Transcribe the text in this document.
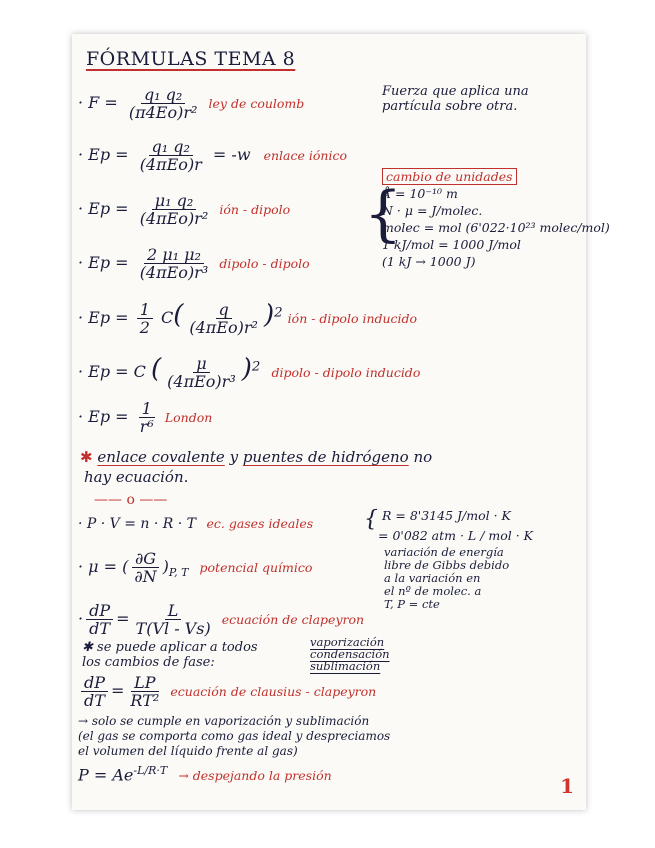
FÓRMULAS TEMA 8
· $F = \frac{\text{q₁ q₂}}{\text{(π4Eo)r²}}$ ley de coulomb
Fuerza que aplica una
partícula sobre otra.
· $Ep = \frac{\text{q₁ q₂}}{\text{(4πEo)r}} = -w$ enlace iónico
· $Ep = \frac{\text{μ₁ q₂}}{\text{(4πEo)r²}}$ ión - dipolo
· $Ep = \frac{\text{2 μ₁ μ₂}}{\text{(4πEo)r³}}$ dipolo - dipolo
{
cambio de unidades
Å = 10⁻¹⁰ m
N · μ = J/molec.
molec = mol (6'022·10²³ molec/mol)
1 kJ/mol = 1000 J/mol
(1 kJ → 1000 J)
· $Ep = \frac{1}{2} C( \frac{q}{\text{(4πEo)r²}} )^2$ ión - dipolo inducido
· Ep = C ( $\frac{\mu}{\text{(4πEo)r³}} )^2$ dipolo - dipolo inducido
· $Ep = \frac{1}{\text{r⁶}}$ London
✱ enlace covalente y puentes de hidrógeno no
hay ecuación.
—— o ——
· P · V = n · R · T ec. gases ideales { R = 8'3145 J/mol · K
= 0'082 atm · L / mol · K
· μ = ( $\frac{\partial G}{\partial N} )_{P, T}$ potencial químico
variación de energía
libre de Gibbs debido
a la variación en
el nº de molec. a
T, P = cte
· $\frac{dP}{dT} = \frac{L}{T(Vl - Vs)}$ ecuación de clapeyron
✱ se puede aplicar a todos
los cambios de fase:
vaporización
condensación
sublimación
$\frac{dP}{dT} = \frac{LP}{\text{RT²}}$ ecuación de clausius - clapeyron
→ solo se cumple en vaporización y sublimación
(el gas se comporta como gas ideal y despreciamos
el volumen del líquido frente al gas)
$P = Ae^{-L/R\cdot T}$ → despejando la presión	1
